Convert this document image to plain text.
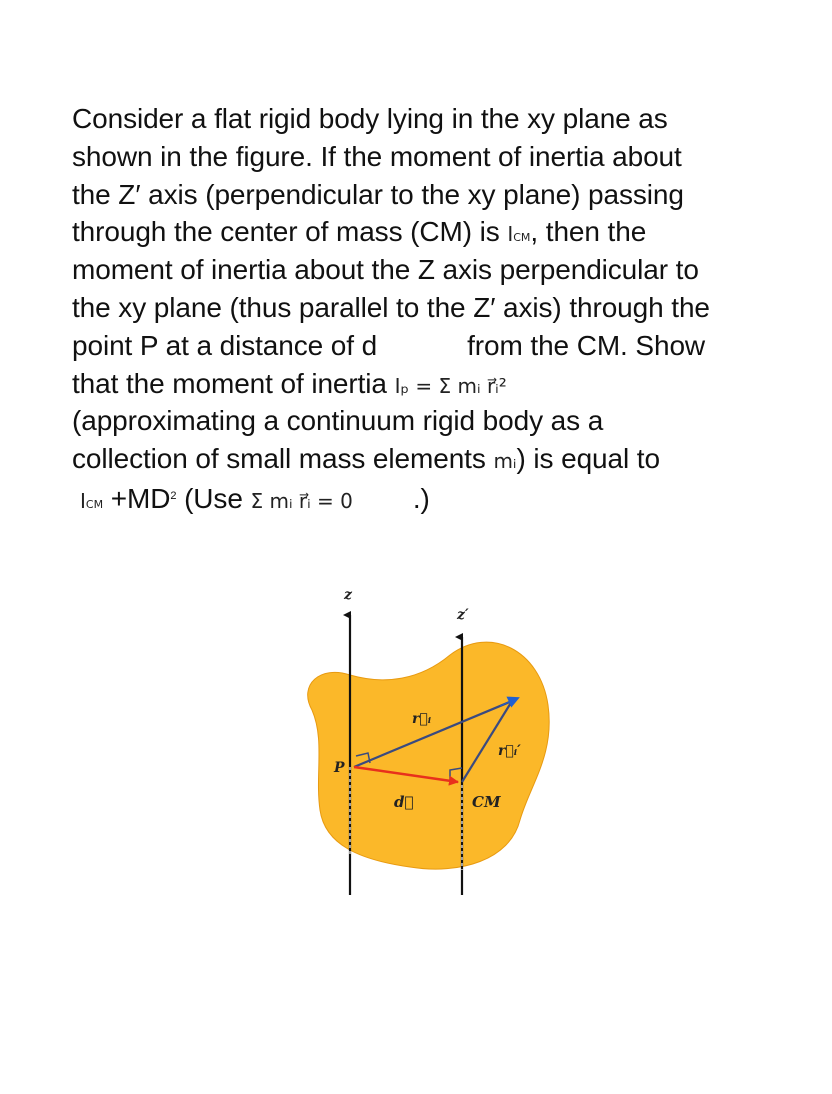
Consider a flat rigid body lying in the xy plane as
shown in the figure. If the moment of inertia about
the Z′ axis (perpendicular to the xy plane) passing
through the center of mass (CM) is ICM, then the
moment of inertia about the Z axis perpendicular to
the xy plane (thus parallel to the Z′ axis) through the
point P at a distance of d	from the CM. Show
that the moment of inertia Iₚ = Σ mᵢ r⃗ᵢ²
(approximating a continuum rigid body as a
collection of small mass elements mᵢ) is equal to
ICM $+MD^2$ (Use Σ mᵢ r⃗ᵢ = 0 .)
z
z′
P
r⃗ᵢ
r⃗ᵢ′
d⃗	CM
